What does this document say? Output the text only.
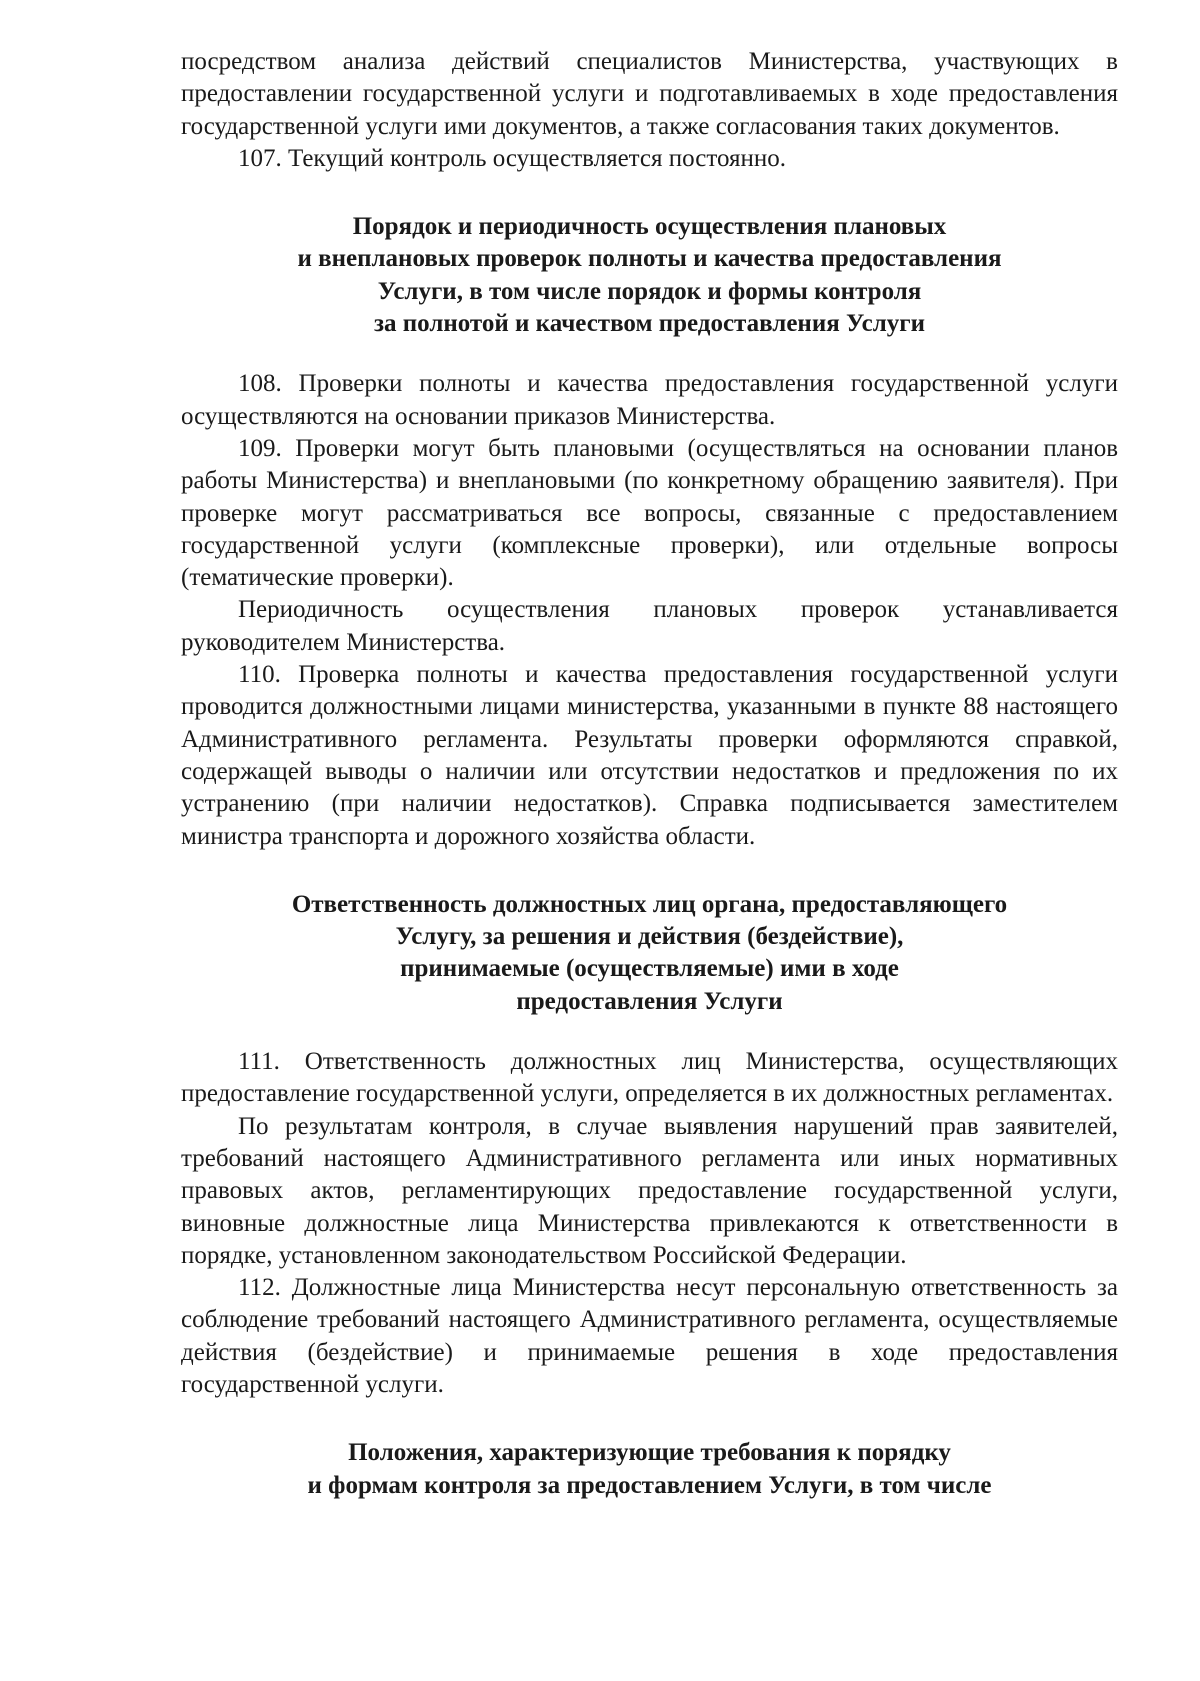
посредством анализа действий специалистов Министерства, участвующих в предоставлении государственной услуги и подготавливаемых в ходе предоставления государственной услуги ими документов, а также согласования таких документов.

107. Текущий контроль осуществляется постоянно.

Порядок и периодичность осуществления плановых
и внеплановых проверок полноты и качества предоставления
Услуги, в том числе порядок и формы контроля
за полнотой и качеством предоставления Услуги

108. Проверки полноты и качества предоставления государственной услуги осуществляются на основании приказов Министерства.

109. Проверки могут быть плановыми (осуществляться на основании планов работы Министерства) и внеплановыми (по конкретному обращению заявителя). При проверке могут рассматриваться все вопросы, связанные с предоставлением государственной услуги (комплексные проверки), или отдельные вопросы (тематические проверки).

Периодичность осуществления плановых проверок устанавливается руководителем Министерства.

110. Проверка полноты и качества предоставления государственной услуги проводится должностными лицами министерства, указанными в пункте 88 настоящего Административного регламента. Результаты проверки оформляются справкой, содержащей выводы о наличии или отсутствии недостатков и предложения по их устранению (при наличии недостатков). Справка подписывается заместителем министра транспорта и дорожного хозяйства области.

Ответственность должностных лиц органа, предоставляющего
Услугу, за решения и действия (бездействие),
принимаемые (осуществляемые) ими в ходе
предоставления Услуги

111. Ответственность должностных лиц Министерства, осуществляющих предоставление государственной услуги, определяется в их должностных регламентах.

По результатам контроля, в случае выявления нарушений прав заявителей, требований настоящего Административного регламента или иных нормативных правовых актов, регламентирующих предоставление государственной услуги, виновные должностные лица Министерства привлекаются к ответственности в порядке, установленном законодательством Российской Федерации.

112. Должностные лица Министерства несут персональную ответственность за соблюдение требований настоящего Административного регламента, осуществляемые действия (бездействие) и принимаемые решения в ходе предоставления государственной услуги.

Положения, характеризующие требования к порядку
и формам контроля за предоставлением Услуги, в том числе
